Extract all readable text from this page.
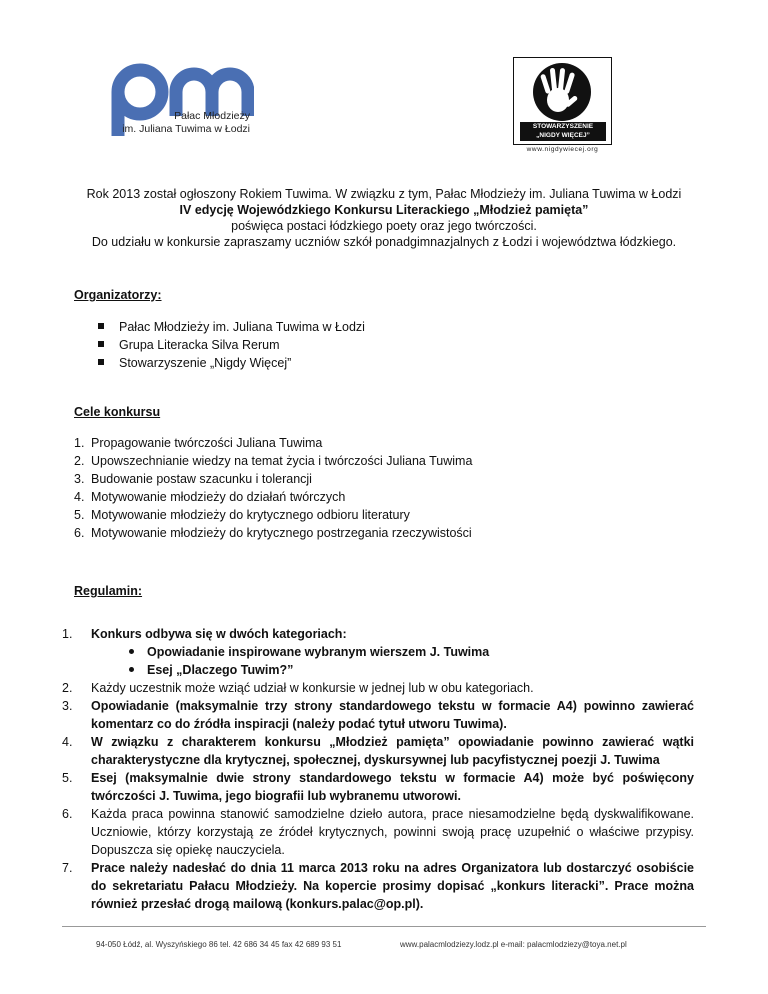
Pałac Młodzieży
im. Juliana Tuwima w Łodzi	STOWARZYSZENIE
„NIGDY WIĘCEJ”
www.nigdywiecej.org
Rok 2013 został ogłoszony Rokiem Tuwima. W związku z tym, Pałac Młodzieży im. Juliana Tuwima w Łodzi
IV edycję Wojewódzkiego Konkursu Literackiego „Młodzież pamięta”
poświęca postaci łódzkiego poety oraz jego twórczości.
Do udziału w konkursie zapraszamy uczniów szkół ponadgimnazjalnych z Łodzi i województwa łódzkiego.
Organizatorzy:
Pałac Młodzieży im. Juliana Tuwima w Łodzi
Grupa Literacka Silva Rerum
Stowarzyszenie „Nigdy Więcej”
Cele konkursu
1. Propagowanie twórczości Juliana Tuwima
2. Upowszechnianie wiedzy na temat życia i twórczości Juliana Tuwima
3. Budowanie postaw szacunku i tolerancji
4. Motywowanie młodzieży do działań twórczych
5. Motywowanie młodzieży do krytycznego odbioru literatury
6. Motywowanie młodzieży do krytycznego postrzegania rzeczywistości
Regulamin:
1. Konkurs odbywa się w dwóch kategoriach:
Opowiadanie inspirowane wybranym wierszem J. Tuwima
Esej „Dlaczego Tuwim?”
2. Każdy uczestnik może wziąć udział w konkursie w jednej lub w obu kategoriach.
3. Opowiadanie (maksymalnie trzy strony standardowego tekstu w formacie A4) powinno zawierać komentarz co do źródła inspiracji (należy podać tytuł utworu Tuwima).
4. W związku z charakterem konkursu „Młodzież pamięta” opowiadanie powinno zawierać wątki charakterystyczne dla krytycznej, społecznej, dyskursywnej lub pacyfistycznej poezji J. Tuwima
5. Esej (maksymalnie dwie strony standardowego tekstu w formacie A4) może być poświęcony twórczości J. Tuwima, jego biografii lub wybranemu utworowi.
6. Każda praca powinna stanowić samodzielne dzieło autora, prace niesamodzielne będą dyskwalifikowane. Uczniowie, którzy korzystają ze źródeł krytycznych, powinni swoją pracę uzupełnić o właściwe przypisy. Dopuszcza się opiekę nauczyciela.
7. Prace należy nadesłać do dnia 11 marca 2013 roku na adres Organizatora lub dostarczyć osobiście do sekretariatu Pałacu Młodzieży. Na kopercie prosimy dopisać „konkurs literacki”. Prace można również przesłać drogą mailową (konkurs.palac@op.pl).
94-050 Łódź, al. Wyszyńskiego 86 tel. 42 686 34 45 fax 42 689 93 51	www.palacmlodziezy.lodz.pl e-mail: palacmlodziezy@toya.net.pl
